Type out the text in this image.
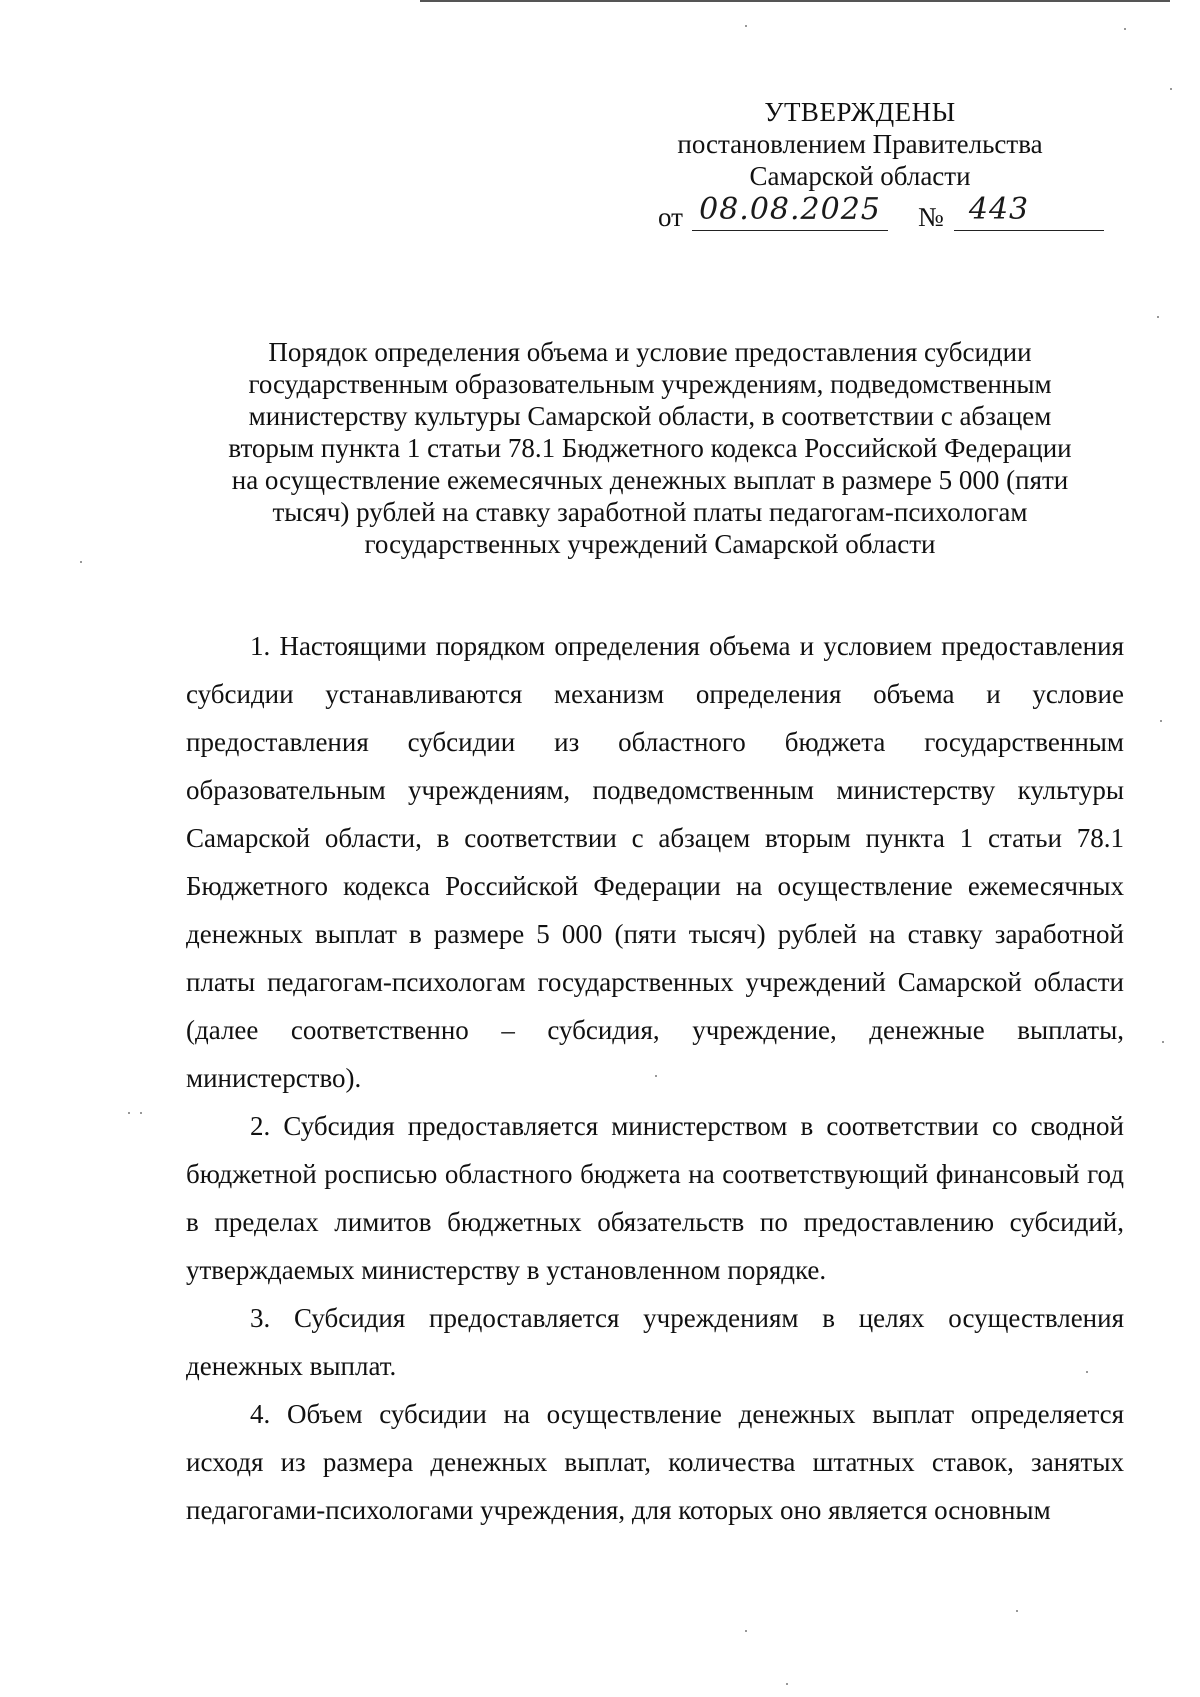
УТВЕРЖДЕНЫ
постановлением Правительства
Самарской области
от 08.08.2025 № 443
Порядок определения объема и условие предоставления субсидии
государственным образовательным учреждениям, подведомственным
министерству культуры Самарской области, в соответствии с абзацем
вторым пункта 1 статьи 78.1 Бюджетного кодекса Российской Федерации
на осуществление ежемесячных денежных выплат в размере 5 000 (пяти
тысяч) рублей на ставку заработной платы педагогам-психологам
государственных учреждений Самарской области

1. Настоящими порядком определения объема и условием предоставления субсидии устанавливаются механизм определения объема и условие предоставления субсидии из областного бюджета государственным образовательным учреждениям, подведомственным министерству культуры Самарской области, в соответствии с абзацем вторым пункта 1 статьи 78.1 Бюджетного кодекса Российской Федерации на осуществление ежемесячных денежных выплат в размере 5 000 (пяти тысяч) рублей на ставку заработной платы педагогам-психологам государственных учреждений Самарской области (далее соответственно – субсидия, учреждение, денежные выплаты, министерство).

2. Субсидия предоставляется министерством в соответствии со сводной бюджетной росписью областного бюджета на соответствующий финансовый год в пределах лимитов бюджетных обязательств по предоставлению субсидий, утверждаемых министерству в установленном порядке.

3. Субсидия предоставляется учреждениям в целях осуществления денежных выплат.

4. Объем субсидии на осуществление денежных выплат определяется исходя из размера денежных выплат, количества штатных ставок, занятых педагогами-психологами учреждения, для которых оно является основным
